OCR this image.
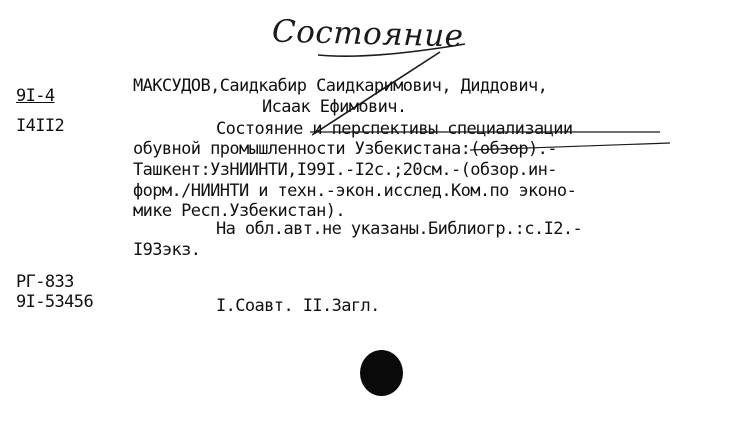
Состояние
9I-4
I4II2
МАКСУДОВ,Саидкабир Саидкаримович, Диддович,
Исаак Ефимович.
Состояние и перспективы специализации
обувной промышленности Узбекистана:(обзор).-
Ташкент:УзНИИНТИ,I99I.-I2с.;20см.-(обзор.ин-
форм./НИИНТИ и техн.-экон.исслед.Ком.по эконо-
мике Респ.Узбекистан).
На обл.авт.не указаны.Библиогр.:с.I2.-
I93экз.
РГ-833
9I-53456	I.Соавт. II.Загл.
